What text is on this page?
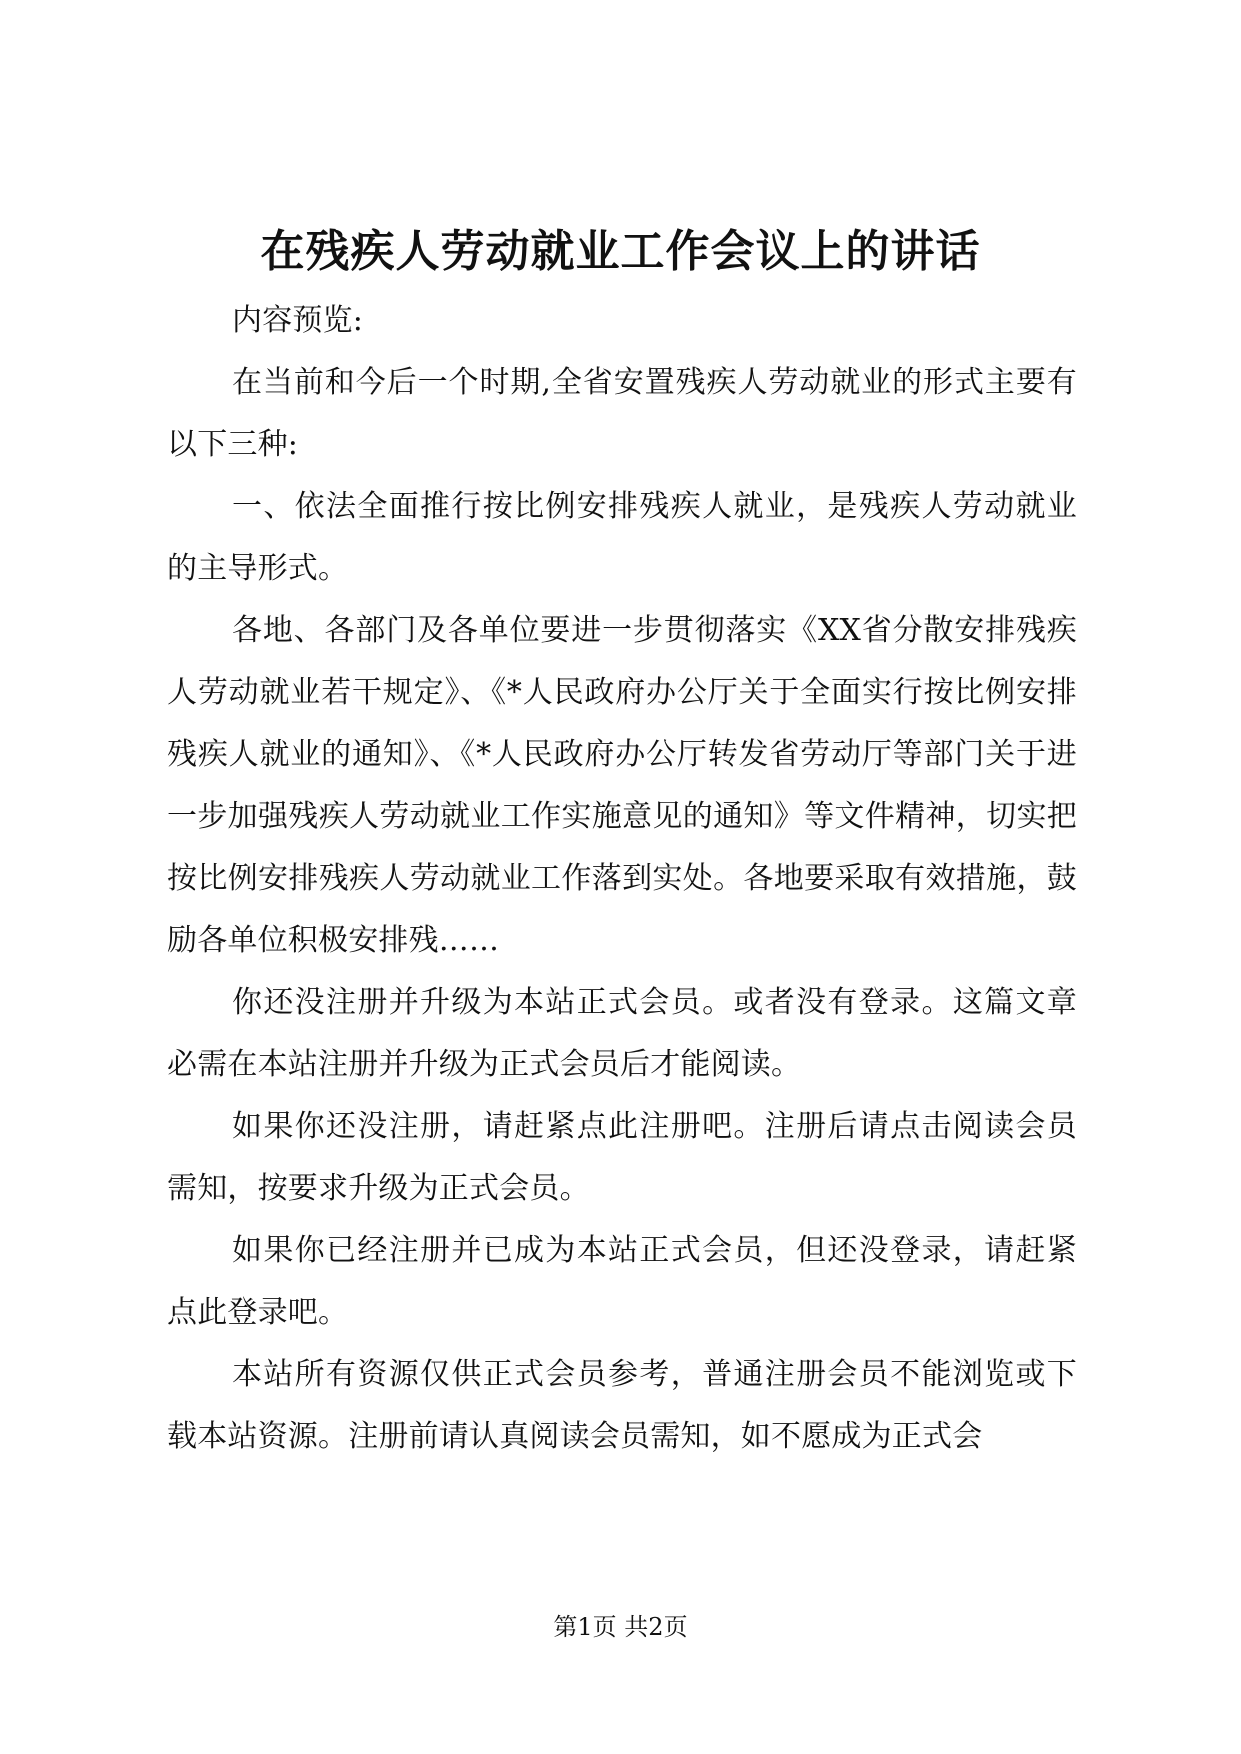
在残疾人劳动就业工作会议上的讲话

内容预览:

在当前和今后一个时期,全省安置残疾人劳动就业的形式主要有以下三种:

一、依法全面推行按比例安排残疾人就业，是残疾人劳动就业的主导形式。

各地、各部门及各单位要进一步贯彻落实《XX省分散安排残疾人劳动就业若干规定》、《*人民政府办公厅关于全面实行按比例安排残疾人就业的通知》、《*人民政府办公厅转发省劳动厅等部门关于进一步加强残疾人劳动就业工作实施意见的通知》等文件精神，切实把按比例安排残疾人劳动就业工作落到实处。各地要采取有效措施，鼓励各单位积极安排残……

你还没注册并升级为本站正式会员。或者没有登录。这篇文章必需在本站注册并升级为正式会员后才能阅读。

如果你还没注册，请赶紧点此注册吧。注册后请点击阅读会员需知，按要求升级为正式会员。

如果你已经注册并已成为本站正式会员，但还没登录，请赶紧点此登录吧。

本站所有资源仅供正式会员参考，普通注册会员不能浏览或下载本站资源。注册前请认真阅读会员需知，如不愿成为正式会

第1页 共2页
